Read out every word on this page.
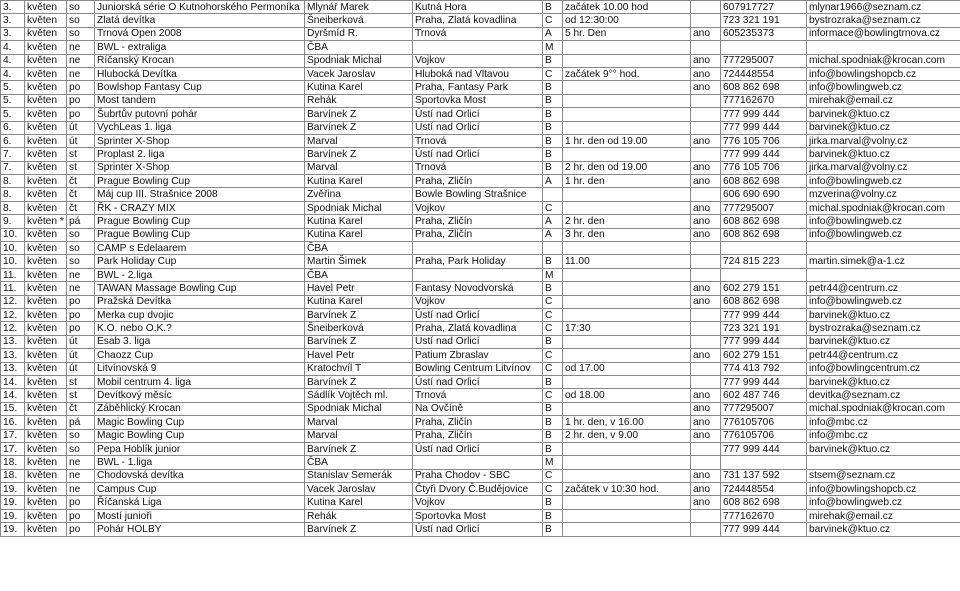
3.	květen	so	Juniorská série O Kutnohorského Permoníka	Mlynář Marek	Kutná Hora	B	začátek 10.00 hod		607917727	mlynar1966@seznam.cz
3.	květen	so	Zlatá devítka	Šneiberková	Praha, Zlatá kovadlina	C	od 12:30:00		723 321 191	bystrozraka@seznam.cz
3.	květen	so	Trnová Open 2008	Dyršmíd R.	Trnová	A	5 hr. Den	ano	605235373	informace@bowlingtrnova.cz
4.	květen	ne	BWL - extraliga	ČBA		M				
4.	květen	ne	Říčanský Krocan	Spodniak Michal	Vojkov	B		ano	777295007	michal.spodniak@krocan.com
4.	květen	ne	Hlubocká Devítka	Vacek Jaroslav	Hluboká nad Vltavou	C	začátek 9°° hod.	ano	724448554	info@bowlingshopcb.cz
5.	květen	po	Bowlshop Fantasy Cup	Kutina Karel	Praha, Fantasy Park	B		ano	608 862 698	info@bowlingweb.cz
5.	květen	po	Most tandem	Rehák	Sportovka Most	B			777162670	mirehak@email.cz
5.	květen	po	Šubrtův putovní pohár	Barvínek Z	Ústí nad Orlicí	B			777 999 444	barvinek@ktuo.cz
6.	květen	út	VychLeas 1. liga	Barvínek Z	Ústí nad Orlicí	B			777 999 444	barvinek@ktuo.cz
6.	květen	út	Sprinter X-Shop	Marval	Trnová	B	1 hr. den od 19.00	ano	776 105 706	jirka.marval@volny.cz
7.	květen	st	Proplast 2. liga	Barvínek Z	Ústí nad Orlicí	B			777 999 444	barvinek@ktuo.cz
7.	květen	st	Sprinter X-Shop	Marval	Trnová	B	2 hr. den od 19.00	ano	776 105 706	jirka.marval@volny.cz
8.	květen	čt	Prague Bowling Cup	Kutina Karel	Praha, Zličín	A	1 hr. den	ano	608 862 698	info@bowlingweb.cz
8.	květen	čt	Máj cup III. Strašnice 2008	Zvěřina	Bowle Bowling Strašnice				606 690 690	mzverina@volny.cz
8.	květen	čt	ŘK - CRAZY MIX	Spodniak Michal	Vojkov	C		ano	777295007	michal.spodniak@krocan.com
9.	květen *	pá	Prague Bowling Cup	Kutina Karel	Praha, Zličín	A	2 hr. den	ano	608 862 698	info@bowlingweb.cz
10.	květen	so	Prague Bowling Cup	Kutina Karel	Praha, Zličín	A	3 hr. den	ano	608 862 698	info@bowlingweb.cz
10.	květen	so	CAMP s Edelaarem	ČBA						
10.	květen	so	Park Holiday Cup	Martin Šimek	Praha, Park Holiday	B	11.00		724 815 223	martin.simek@a-1.cz
11.	květen	ne	BWL - 2.liga	ČBA		M				
11.	květen	ne	TAWAN Massage Bowling Cup	Havel Petr	Fantasy Novodvorská	B		ano	602 279 151	petr44@centrum.cz
12.	květen	po	Pražská Devítka	Kutina Karel	Vojkov	C		ano	608 862 698	info@bowlingweb.cz
12.	květen	po	Merka cup dvojic	Barvínek Z	Ústí nad Orlicí	C			777 999 444	barvinek@ktuo.cz
12.	květen	po	K.O. nebo O.K.?	Šneiberková	Praha, Zlatá kovadlina	C	17:30		723 321 191	bystrozraka@seznam.cz
13.	květen	út	Esab 3. liga	Barvínek Z	Ústí nad Orlicí	B			777 999 444	barvinek@ktuo.cz
13.	květen	út	Chaozz Cup	Havel Petr	Patium Zbraslav	C		ano	602 279 151	petr44@centrum.cz
13.	květen	út	Litvínovská 9	Kratochvíl T	Bowling Centrum Litvínov	C	od 17.00		774 413 792	info@bowlingcentrum.cz
14.	květen	st	Mobil centrum 4. liga	Barvínek Z	Ústí nad Orlicí	B			777 999 444	barvinek@ktuo.cz
14.	květen	st	Devítkový měsíc	Sádlík Vojtěch ml.	Trnová	C	od 18.00	ano	602 487 746	devitka@seznam.cz
15.	květen	čt	Záběhlický Krocan	Spodniak Michal	Na Ovčíně	B		ano	777295007	michal.spodniak@krocan.com
16.	květen	pá	Magic Bowling Cup	Marval	Praha, Zličín	B	1 hr. den, v 16.00	ano	776105706	info@mbc.cz
17.	květen	so	Magic Bowling Cup	Marval	Praha, Zličín	B	2 hr. den, v 9.00	ano	776105706	info@mbc.cz
17.	květen	so	Pepa Hoblík junior	Barvínek Z	Ústí nad Orlicí	B			777 999 444	barvinek@ktuo.cz
18.	květen	ne	BWL - 1.liga	ČBA		M				
18.	květen	ne	Chodovská devítka	Stanislav Semerák	Praha Chodov - SBC	C		ano	731 137 592	stsem@seznam.cz
19.	květen	ne	Campus Cup	Vacek Jaroslav	Čtyři Dvory Č.Budějovice	C	začátek v 10:30 hod.	ano	724448554	info@bowlingshopcb.cz
19.	květen	po	Říčanská Liga	Kutina Karel	Vojkov	B		ano	608 862 698	info@bowlingweb.cz
19.	květen	po	Mostí junioři	Rehák	Sportovka Most	B			777162670	mirehak@email.cz
19.	květen	po	Pohár HOLBY	Barvínek Z	Ústí nad Orlicí	B			777 999 444	barvinek@ktuo.cz
